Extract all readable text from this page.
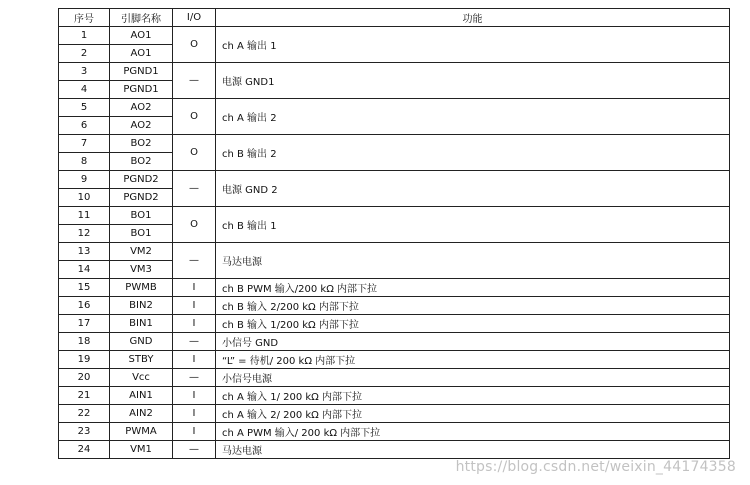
序号	引脚名称	I/O	功能
1	AO1	O	ch A 输出 1
2	AO1		
3	PGND1	—	电源 GND1
4	PGND1		
5	AO2	O	ch A 输出 2
6	AO2		
7	BO2	O	ch B 输出 2
8	BO2		
9	PGND2	—	电源 GND 2
10	PGND2		
11	BO1	O	ch B 输出 1
12	BO1		
13	VM2	—	马达电源
14	VM3		
15	PWMB	I	ch B PWM 输入/200 kΩ 内部下拉
16	BIN2	I	ch B 输入 2/200 kΩ 内部下拉
17	BIN1	I	ch B 输入 1/200 kΩ 内部下拉
18	GND	—	小信号 GND
19	STBY	I	“L” = 待机/ 200 kΩ 内部下拉
20	Vcc	—	小信号电源
21	AIN1	I	ch A 输入 1/ 200 kΩ 内部下拉
22	AIN2	I	ch A 输入 2/ 200 kΩ 内部下拉
23	PWMA	I	ch A PWM 输入/ 200 kΩ 内部下拉
24	VM1	—	马达电源
https://blog.csdn.net/weixin_44174358
